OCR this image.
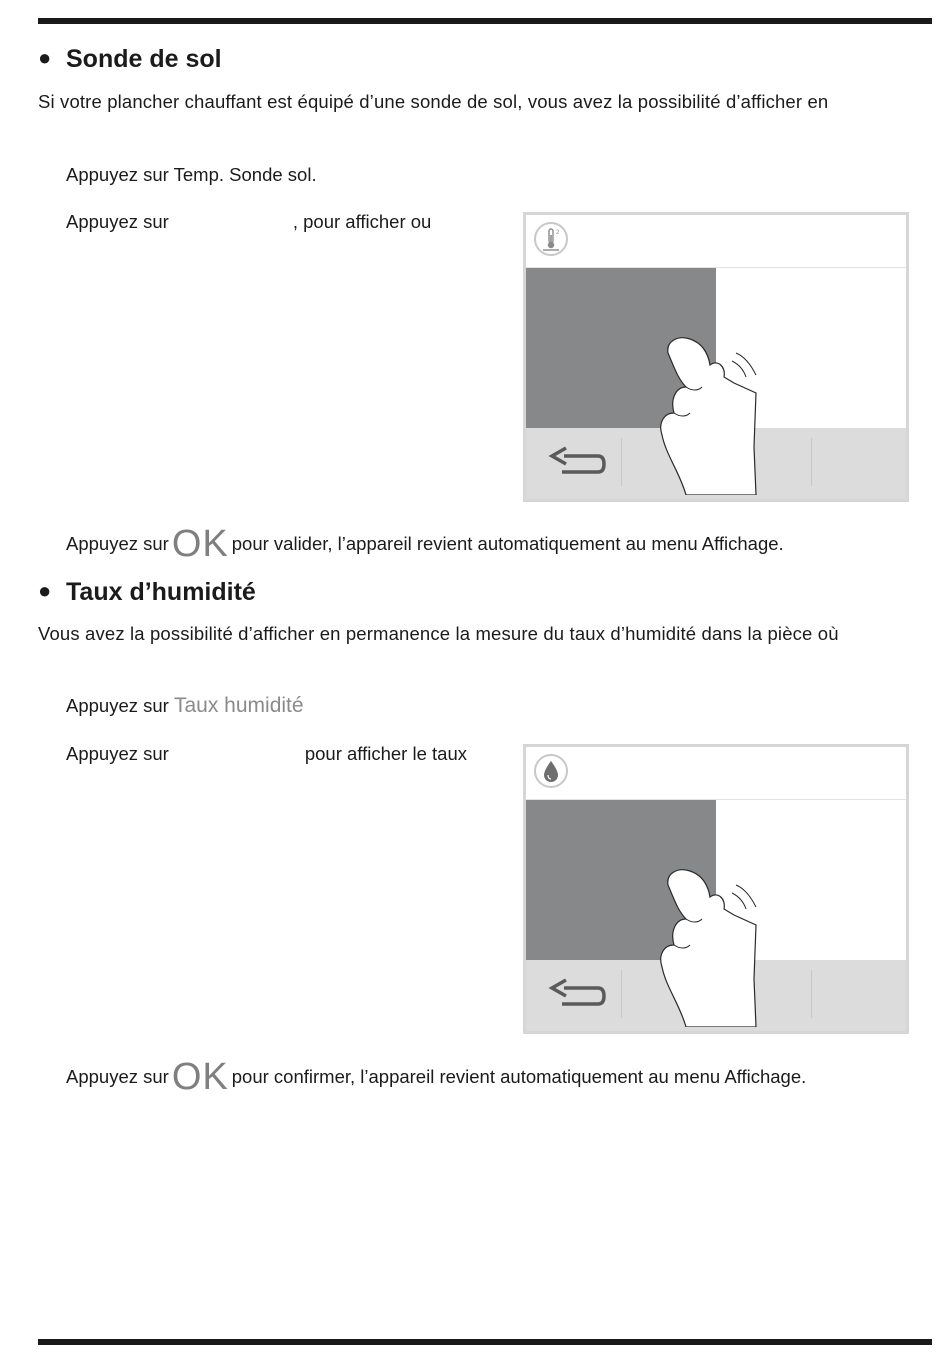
● Sonde de sol
Si votre plancher chauffant est équipé d’une sonde de sol, vous avez la possibilité d’afficher en
Appuyez sur Temp. Sonde sol.
Appuyez sur	, pour afficher ou
2
Appuyez surOK pour valider, l’appareil revient automatiquement au menu Affichage.
● Taux d’humidité
Vous avez la possibilité d’afficher en permanence la mesure du taux d’humidité dans la pièce où
Appuyez sur Taux humidité
Appuyez sur	pour afficher le taux
Appuyez surOK pour confirmer, l’appareil revient automatiquement au menu Affichage.
